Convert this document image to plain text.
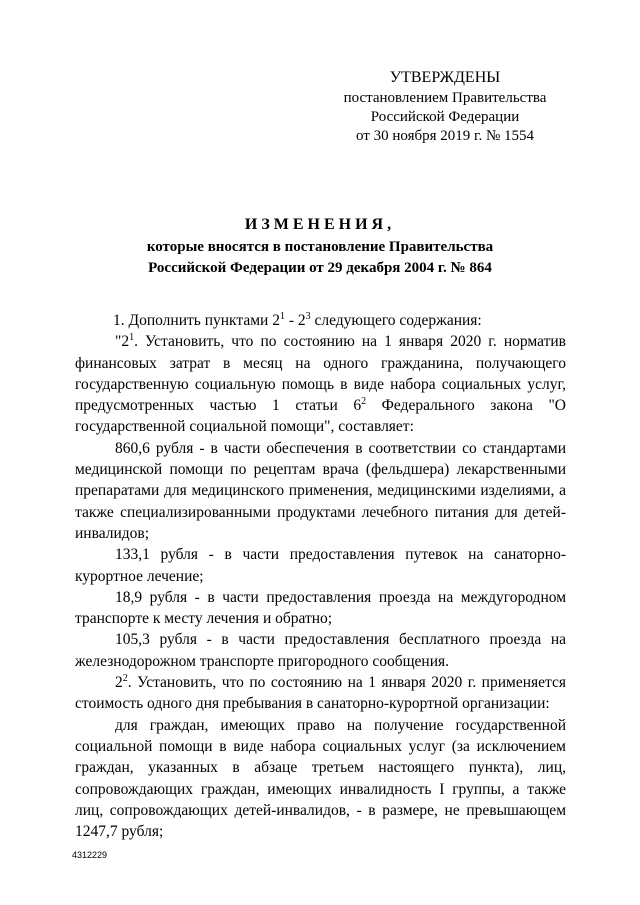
УТВЕРЖДЕНЫ
постановлением Правительства
Российской Федерации
от 30 ноября 2019 г. № 1554
ИЗМЕНЕНИЯ,
которые вносятся в постановление Правительства
Российской Федерации от 29 декабря 2004 г. № 864

1. Дополнить пунктами $2^1 - 2^3$ следующего содержания:

"$2^1$. Установить, что по состоянию на 1 января 2020 г. норматив финансовых затрат в месяц на одного гражданина, получающего государственную социальную помощь в виде набора социальных услуг, предусмотренных частью 1 статьи $6^2$ Федерального закона "О государственной социальной помощи", составляет:

860,6 рубля - в части обеспечения в соответствии со стандартами медицинской помощи по рецептам врача (фельдшера) лекарственными препаратами для медицинского применения, медицинскими изделиями, а также специализированными продуктами лечебного питания для детей-инвалидов;

133,1 рубля - в части предоставления путевок на санаторно-курортное лечение;

18,9 рубля - в части предоставления проезда на междугородном транспорте к месту лечения и обратно;

105,3 рубля - в части предоставления бесплатного проезда на железнодорожном транспорте пригородного сообщения.

$2^2$. Установить, что по состоянию на 1 января 2020 г. применяется стоимость одного дня пребывания в санаторно-курортной организации:

для граждан, имеющих право на получение государственной социальной помощи в виде набора социальных услуг (за исключением граждан, указанных в абзаце третьем настоящего пункта), лиц, сопровождающих граждан, имеющих инвалидность I группы, а также лиц, сопровождающих детей-инвалидов, - в размере, не превышающем 1247,7 рубля;

4312229
